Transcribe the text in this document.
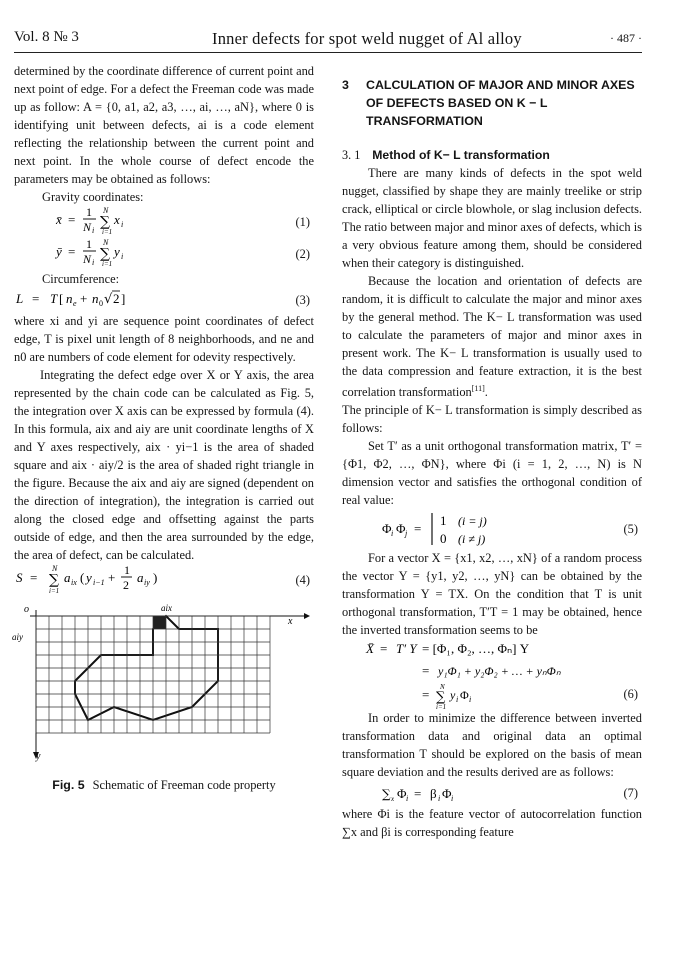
Vol. 8 № 3	Inner defects for spot weld nugget of Al alloy	· 487 ·

determined by the coordinate difference of current point and next point of edge. For a defect the Freeman code was made up as follow: A = {0, a1, a2, a3, …, ai, …, aN}, where 0 is identifying unit between defects, ai is a code element reflecting the relationship between the current point and next point. In the whole course of defect encode the parameters may be obtained as follows:

Gravity coordinates:
x̄ = 1
N i
N
∑
i=1
x i	(1)
ȳ = 1
N i
N
∑
i=1
y i	(2)
Circumference:
L = T [ n e + n 0 √ 2 ]	(3)

where xi and yi are sequence point coordinates of defect edge, T is pixel unit length of 8 neighborhoods, and ne and n0 are numbers of code element for odevity respectively.

Integrating the defect edge over X or Y axis, the area represented by the chain code can be calculated as Fig. 5, the integration over X axis can be expressed by formula (4). In this formula, aix and aiy are unit coordinate lengths of X and Y axes respectively, aix · yi−1 is the area of shaded square and aix · aiy/2 is the area of shaded right triangle in the figure. Because the aix and aiy are signed (dependent on the direction of integration), the integration is carried out along the closed edge and offsetting against the parts outside of edge, and then the area surrounded by the edge, the area of defect, can be calculated.

S =
N
∑
i=1
a ix ( y i−1 + 1
2 a iy )	(4)
o
x
y
aix
aiy
Fig. 5 Schematic of Freeman code property
3	CALCULATION OF MAJOR AND MINOR AXES OF DEFECTS BASED ON K − L TRANSFORMATION
3. 1 Method of K− L transformation

There are many kinds of defects in the spot weld nugget, classified by shape they are mainly treelike or strip crack, elliptical or circle blowhole, or slag inclusion defects. The ratio between major and minor axes of defects, which is a very obvious feature among them, should be considered when their category is distinguished.

Because the location and orientation of defects are random, it is difficult to calculate the major and minor axes by the general method. The K− L transformation was used to calculate the parameters of major and minor axes in present work. The K− L transformation is usually used to the data compression and feature extraction, it is the best correlation transformation[11].

The principle of K− L transformation is simply described as follows:

Set T′ as a unit orthogonal transformation matrix, T′ = {Φ1, Φ2, …, ΦN}, where Φi (i = 1, 2, …, N) is N dimension vector and satisfies the orthogonal condition of real value:

Φ i Φ j =
1 (i = j)
0 (i ≠ j)
(5)

For a vector X = {x1, x2, …, xN} of a random process the vector Y = {y1, y2, …, yN} can be obtained by the transformation Y = TX. On the condition that T is unit orthogonal transformation, T′T = 1 may be obtained, hence the inverted transformation seems to be

X̄ = T′ Y = [Φ₁, Φ₂, …, Φₙ] Y
= y₁Φ₁ + y₂Φ₂ + … + yₙΦₙ
= N
∑
i=1
y i Φ i	(6)

In order to minimize the difference between inverted transformation data and original data an optimal transformation T should be explored on the basis of mean square deviation and the results derived are as follows:

∑ x Φ i = β i Φ i	(7)

where Φi is the feature vector of autocorrelation function ∑x and βi is corresponding feature
